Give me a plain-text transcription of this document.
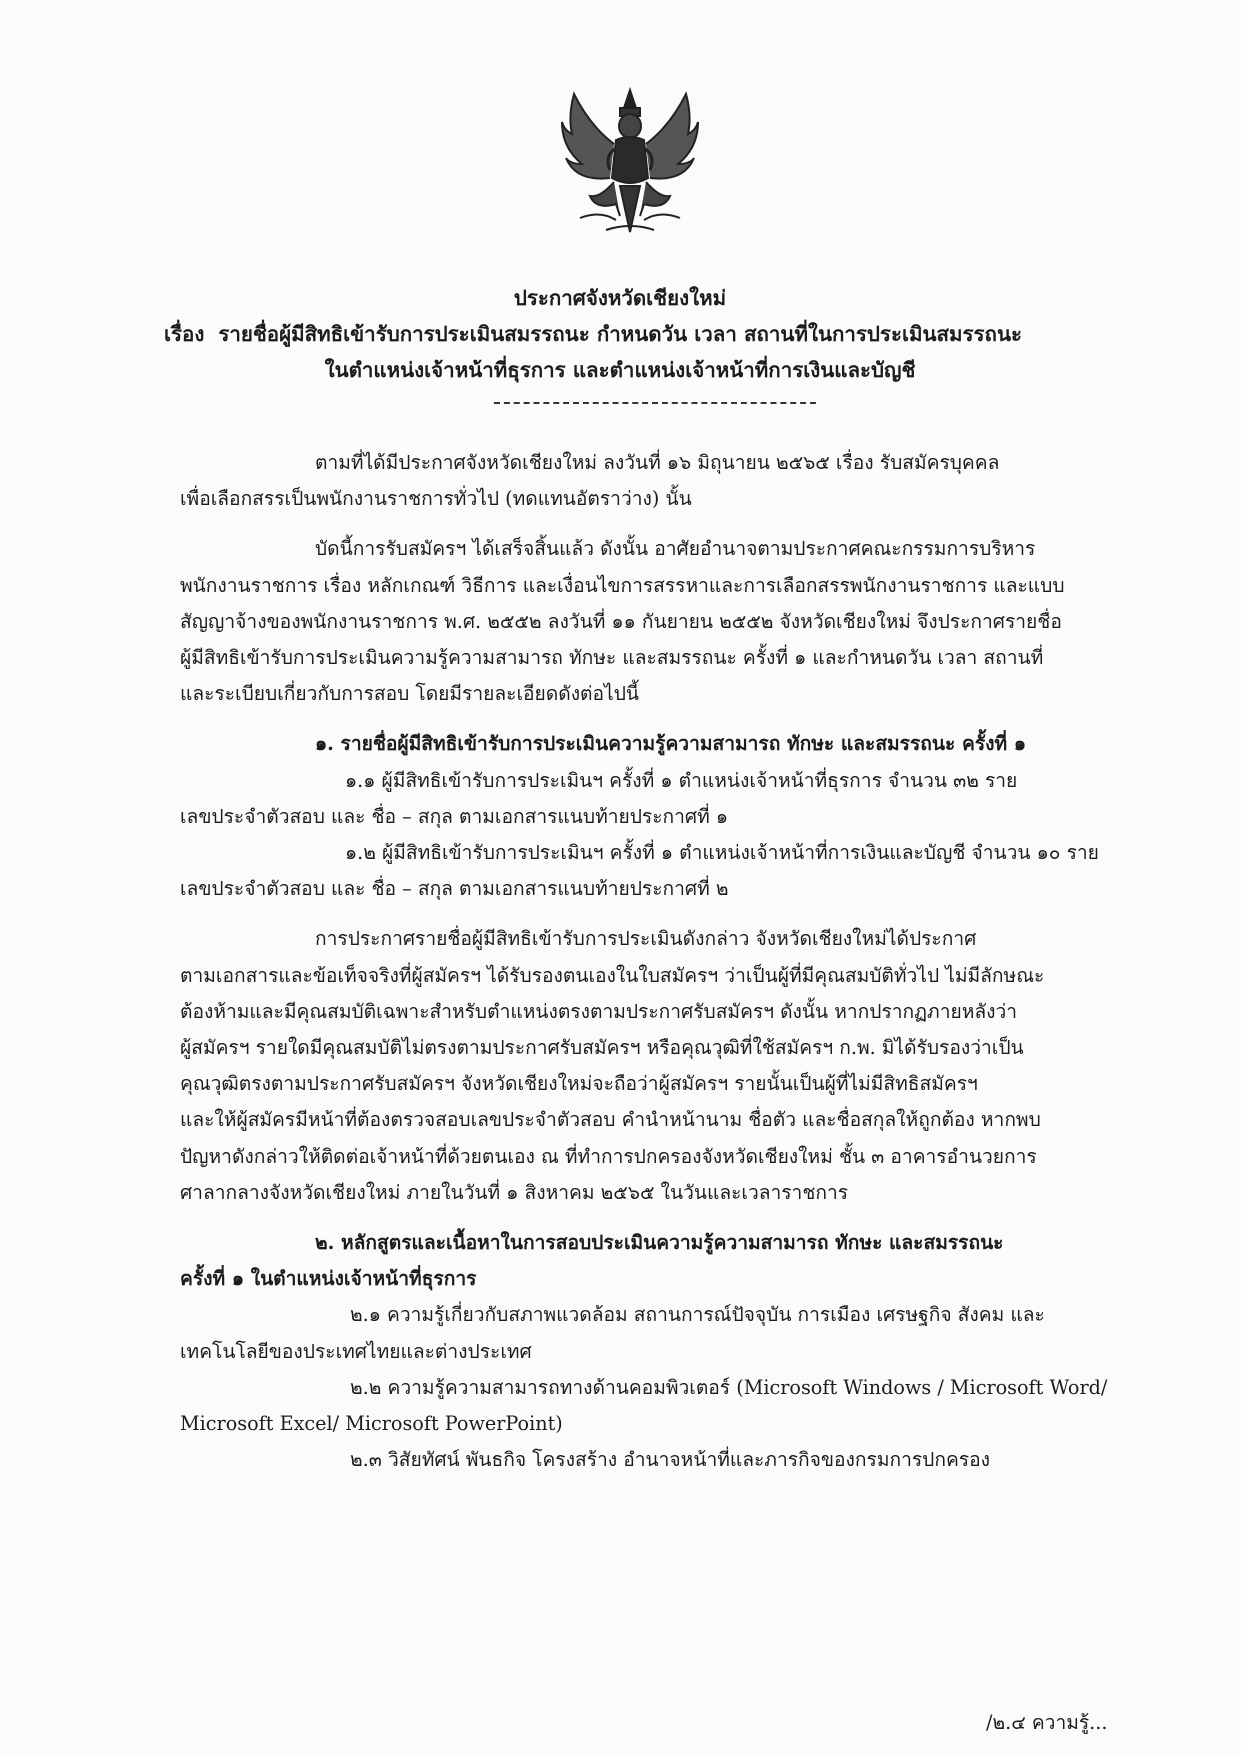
ประกาศจังหวัดเชียงใหม่
เรื่อง รายชื่อผู้มีสิทธิเข้ารับการประเมินสมรรถนะ กำหนดวัน เวลา สถานที่ในการประเมินสมรรถนะ
ในตำแหน่งเจ้าหน้าที่ธุรการ และตำแหน่งเจ้าหน้าที่การเงินและบัญชี

ตามที่ได้มีประกาศจังหวัดเชียงใหม่ ลงวันที่ ๑๖ มิถุนายน ๒๕๖๕ เรื่อง รับสมัครบุคคล

เพื่อเลือกสรรเป็นพนักงานราชการทั่วไป (ทดแทนอัตราว่าง) นั้น

บัดนี้การรับสมัครฯ ได้เสร็จสิ้นแล้ว ดังนั้น อาศัยอำนาจตามประกาศคณะกรรมการบริหาร

พนักงานราชการ เรื่อง หลักเกณฑ์ วิธีการ และเงื่อนไขการสรรหาและการเลือกสรรพนักงานราชการ และแบบ

สัญญาจ้างของพนักงานราชการ พ.ศ. ๒๕๕๒ ลงวันที่ ๑๑ กันยายน ๒๕๕๒ จังหวัดเชียงใหม่ จึงประกาศรายชื่อ

ผู้มีสิทธิเข้ารับการประเมินความรู้ความสามารถ ทักษะ และสมรรถนะ ครั้งที่ ๑ และกำหนดวัน เวลา สถานที่

และระเบียบเกี่ยวกับการสอบ โดยมีรายละเอียดดังต่อไปนี้

๑. รายชื่อผู้มีสิทธิเข้ารับการประเมินความรู้ความสามารถ ทักษะ และสมรรถนะ ครั้งที่ ๑

๑.๑ ผู้มีสิทธิเข้ารับการประเมินฯ ครั้งที่ ๑ ตำแหน่งเจ้าหน้าที่ธุรการ จำนวน ๓๒ ราย

เลขประจำตัวสอบ และ ชื่อ – สกุล ตามเอกสารแนบท้ายประกาศที่ ๑

๑.๒ ผู้มีสิทธิเข้ารับการประเมินฯ ครั้งที่ ๑ ตำแหน่งเจ้าหน้าที่การเงินและบัญชี จำนวน ๑๐ ราย

เลขประจำตัวสอบ และ ชื่อ – สกุล ตามเอกสารแนบท้ายประกาศที่ ๒

การประกาศรายชื่อผู้มีสิทธิเข้ารับการประเมินดังกล่าว จังหวัดเชียงใหม่ได้ประกาศ

ตามเอกสารและข้อเท็จจริงที่ผู้สมัครฯ ได้รับรองตนเองในใบสมัครฯ ว่าเป็นผู้ที่มีคุณสมบัติทั่วไป ไม่มีลักษณะ

ต้องห้ามและมีคุณสมบัติเฉพาะสำหรับตำแหน่งตรงตามประกาศรับสมัครฯ ดังนั้น หากปรากฏภายหลังว่า

ผู้สมัครฯ รายใดมีคุณสมบัติไม่ตรงตามประกาศรับสมัครฯ หรือคุณวุฒิที่ใช้สมัครฯ ก.พ. มิได้รับรองว่าเป็น

คุณวุฒิตรงตามประกาศรับสมัครฯ จังหวัดเชียงใหม่จะถือว่าผู้สมัครฯ รายนั้นเป็นผู้ที่ไม่มีสิทธิสมัครฯ

และให้ผู้สมัครมีหน้าที่ต้องตรวจสอบเลขประจำตัวสอบ คำนำหน้านาม ชื่อตัว และชื่อสกุลให้ถูกต้อง หากพบ

ปัญหาดังกล่าวให้ติดต่อเจ้าหน้าที่ด้วยตนเอง ณ ที่ทำการปกครองจังหวัดเชียงใหม่ ชั้น ๓ อาคารอำนวยการ

ศาลากลางจังหวัดเชียงใหม่ ภายในวันที่ ๑ สิงหาคม ๒๕๖๕ ในวันและเวลาราชการ

๒. หลักสูตรและเนื้อหาในการสอบประเมินความรู้ความสามารถ ทักษะ และสมรรถนะ

ครั้งที่ ๑ ในตำแหน่งเจ้าหน้าที่ธุรการ

๒.๑ ความรู้เกี่ยวกับสภาพแวดล้อม สถานการณ์ปัจจุบัน การเมือง เศรษฐกิจ สังคม และ

เทคโนโลยีของประเทศไทยและต่างประเทศ

๒.๒ ความรู้ความสามารถทางด้านคอมพิวเตอร์ (Microsoft Windows / Microsoft Word/

Microsoft Excel/ Microsoft PowerPoint)

๒.๓ วิสัยทัศน์ พันธกิจ โครงสร้าง อำนาจหน้าที่และภารกิจของกรมการปกครอง

/๒.๔ ความรู้...
